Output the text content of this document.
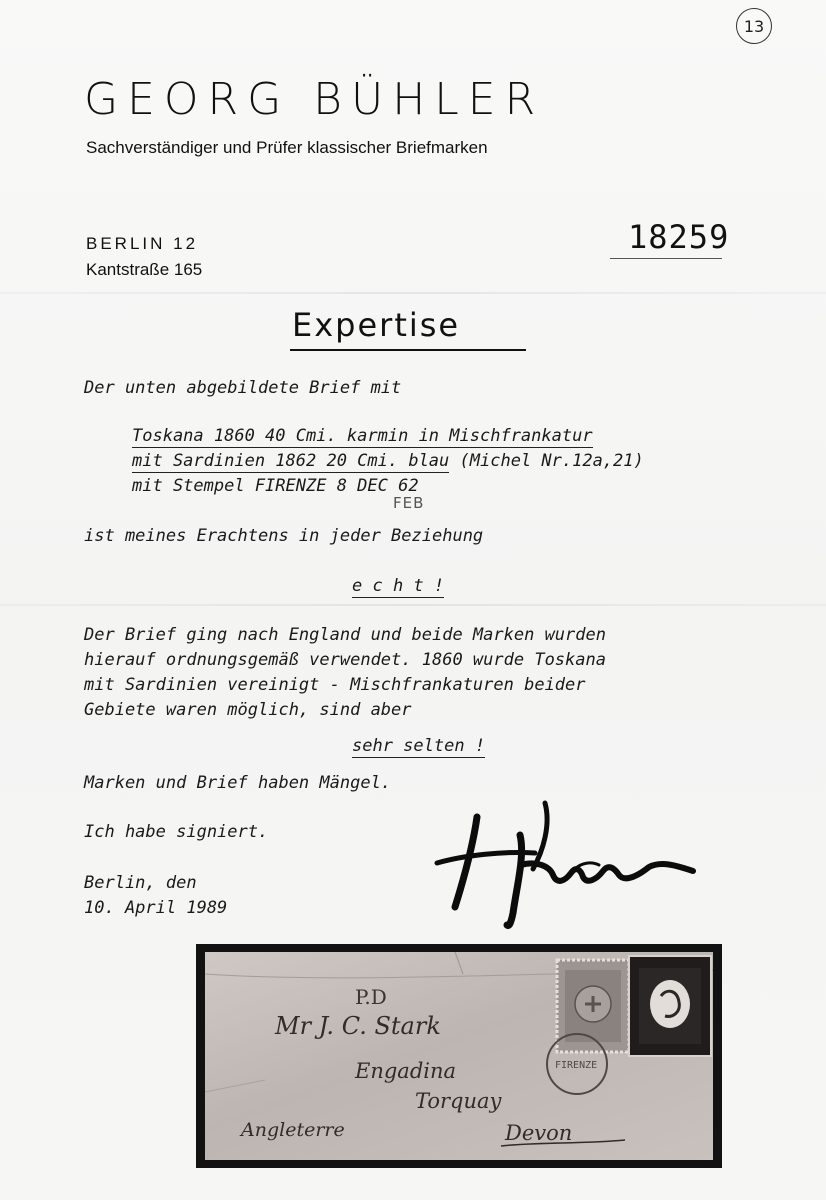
13
GEORG BÜHLER
Sachverständiger und Prüfer klassischer Briefmarken
BERLIN 12
Kantstraße 165
18259
Expertise
Der unten abgebildete Brief mit
Toskana 1860 40 Cmi. karmin in Mischfrankatur
mit Sardinien 1862 20 Cmi. blau (Michel Nr.12a,21)
mit Stempel FIRENZE 8 DEC 62
FEB
ist meines Erachtens in jeder Beziehung
e c h t !
Der Brief ging nach England und beide Marken wurden
hierauf ordnungsgemäß verwendet. 1860 wurde Toskana
mit Sardinien vereinigt - Mischfrankaturen beider
Gebiete waren möglich, sind aber
sehr selten !
Marken und Brief haben Mängel.
Ich habe signiert.
Berlin, den
10. April 1989
P.D
FIRENZE
Mr J. C. Stark
Engadina
Torquay
Devon
Angleterre
